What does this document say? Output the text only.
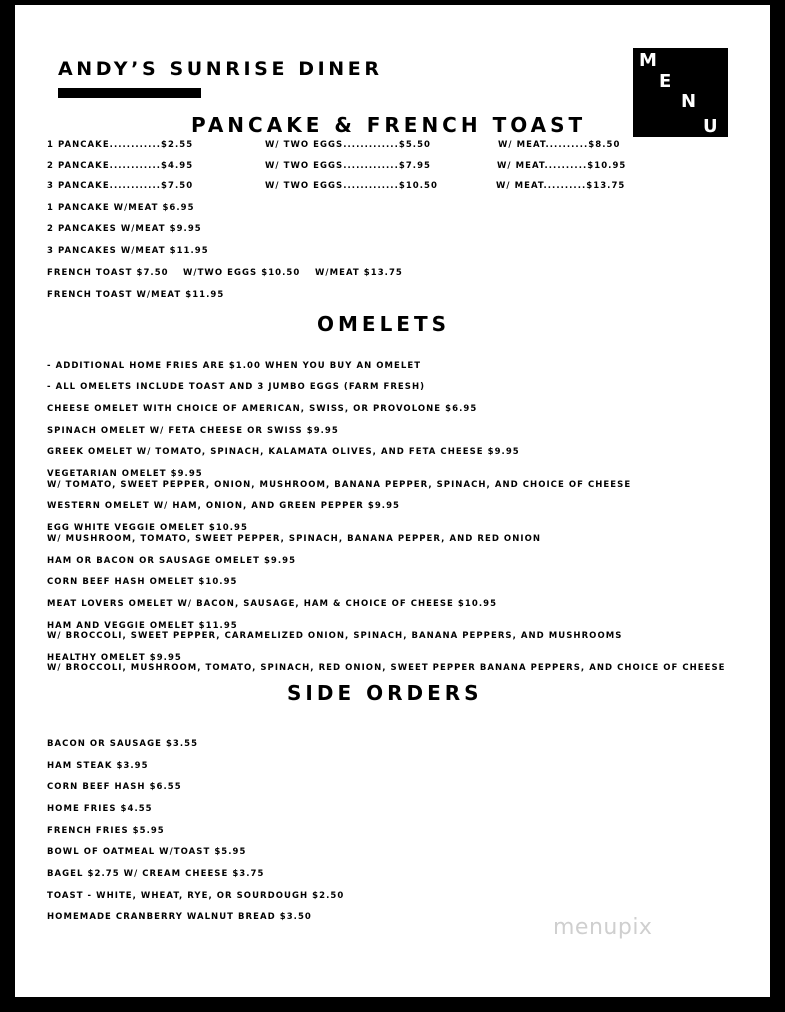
ANDY’S SUNRISE DINER	M
E
N
U
PANCAKE & FRENCH TOAST
1 PANCAKE............$2.55
2 PANCAKE............$4.95
3 PANCAKE............$7.50
W/ TWO EGGS.............$5.50
W/ TWO EGGS.............$7.95
W/ TWO EGGS.............$10.50
W/ MEAT..........$8.50
W/ MEAT..........$10.95
W/ MEAT..........$13.75
1 PANCAKE W/MEAT $6.95
2 PANCAKES W/MEAT $9.95
3 PANCAKES W/MEAT $11.95
FRENCH TOAST $7.50 W/TWO EGGS $10.50 W/MEAT $13.75
FRENCH TOAST W/MEAT $11.95
OMELETS
- ADDITIONAL HOME FRIES ARE $1.00 WHEN YOU BUY AN OMELET
- ALL OMELETS INCLUDE TOAST AND 3 JUMBO EGGS (FARM FRESH)
CHEESE OMELET WITH CHOICE OF AMERICAN, SWISS, OR PROVOLONE $6.95
SPINACH OMELET W/ FETA CHEESE OR SWISS $9.95
GREEK OMELET W/ TOMATO, SPINACH, KALAMATA OLIVES, AND FETA CHEESE $9.95
VEGETARIAN OMELET $9.95
W/ TOMATO, SWEET PEPPER, ONION, MUSHROOM, BANANA PEPPER, SPINACH, AND CHOICE OF CHEESE
WESTERN OMELET W/ HAM, ONION, AND GREEN PEPPER $9.95
EGG WHITE VEGGIE OMELET $10.95
W/ MUSHROOM, TOMATO, SWEET PEPPER, SPINACH, BANANA PEPPER, AND RED ONION
HAM OR BACON OR SAUSAGE OMELET $9.95
CORN BEEF HASH OMELET $10.95
MEAT LOVERS OMELET W/ BACON, SAUSAGE, HAM & CHOICE OF CHEESE $10.95
HAM AND VEGGIE OMELET $11.95
W/ BROCCOLI, SWEET PEPPER, CARAMELIZED ONION, SPINACH, BANANA PEPPERS, AND MUSHROOMS
HEALTHY OMELET $9.95
W/ BROCCOLI, MUSHROOM, TOMATO, SPINACH, RED ONION, SWEET PEPPER BANANA PEPPERS, AND CHOICE OF CHEESE
SIDE ORDERS
BACON OR SAUSAGE $3.55
HAM STEAK $3.95
CORN BEEF HASH $6.55
HOME FRIES $4.55
FRENCH FRIES $5.95
BOWL OF OATMEAL W/TOAST $5.95
BAGEL $2.75 W/ CREAM CHEESE $3.75
TOAST - WHITE, WHEAT, RYE, OR SOURDOUGH $2.50
HOMEMADE CRANBERRY WALNUT BREAD $3.50	menupix
